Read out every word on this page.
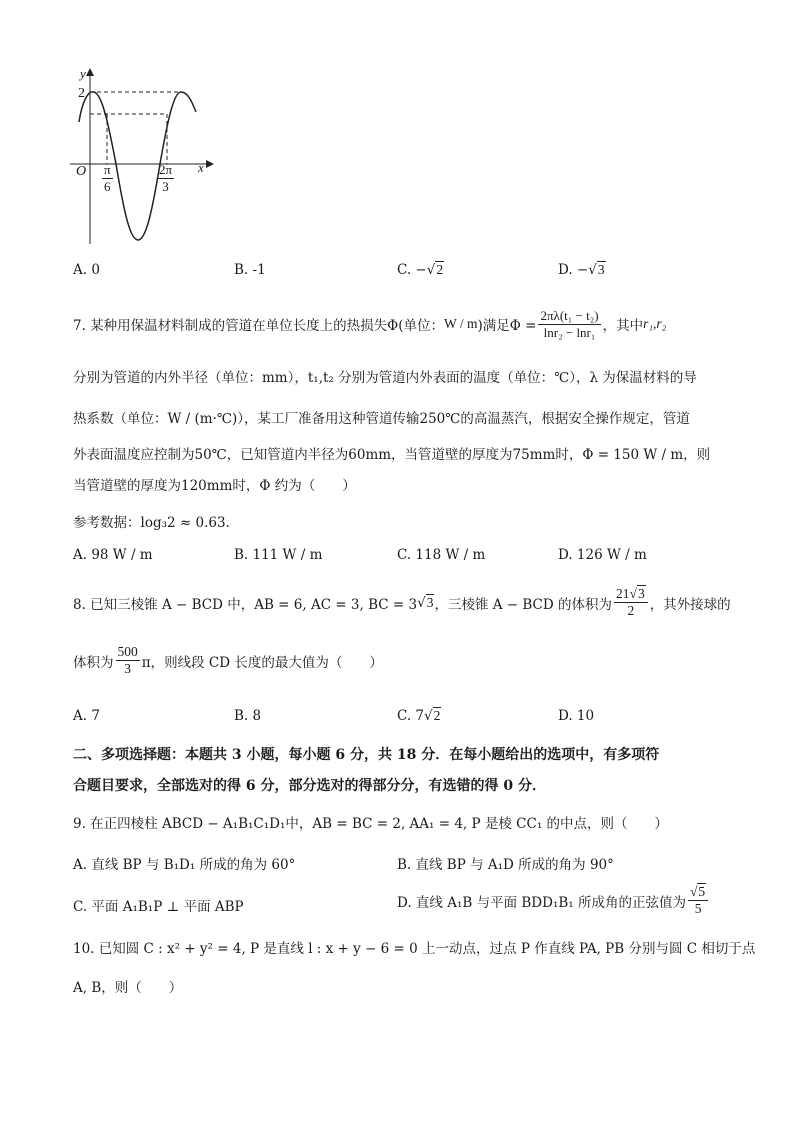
y
2
O	x
$\frac{\pi}{6}$	$\frac{2\pi}{3}$
A. 0	B. -1	C. −√2	D. −√3
7. 某种用保温材料制成的管道在单位长度上的热损失Φ(单位： W / m )满足$\Phi = \frac{\text{2πλ(t₁ − t₂)}}{\text{lnr₂ − lnr₁}}$ ，其中 r₁,r₂
分别为管道的内外半径（单位：mm），t₁,t₂ 分别为管道内外表面的温度（单位：℃），λ 为保温材料的导
热系数（单位：W / (m·℃)），某工厂准备用这种管道传输250℃的高温蒸汽，根据安全操作规定，管道
外表面温度应控制为50℃，已知管道内半径为60mm，当管道壁的厚度为75mm时，Φ = 150 W / m，则
当管道壁的厚度为120mm时，Φ 约为（　　）
参考数据：log₃2 ≈ 0.63.
A. 98 W / m	B. 111 W / m	C. 118 W / m	D. 126 W / m
8. 已知三棱锥 A − BCD 中，AB = 6, AC = 3, BC = 3 √ 3 ，三棱锥 A − BCD 的体积为 $\frac{21√3}{2}$ ，其外接球的
体积为 $\frac{500}{3}$ π，则线段 CD 长度的最大值为（　　）
A. 7	B. 8	C. 7√2	D. 10
二、多项选择题：本题共 3 小题，每小题 6 分，共 18 分．在每小题给出的选项中，有多项符
合题目要求，全部选对的得 6 分，部分选对的得部分分，有选错的得 0 分．
9. 在正四棱柱 ABCD − A₁B₁C₁D₁中，AB = BC = 2, AA₁ = 4, P 是棱 CC₁ 的中点，则（　　）
A. 直线 BP 与 B₁D₁ 所成的角为 60°	B. 直线 BP 与 A₁D 所成的角为 90°
C. 平面 A₁B₁P ⊥ 平面 ABP	D. 直线 A₁B 与平面 BDD₁B₁ 所成角的正弦值为 $\frac{√5}{5}$
10. 已知圆 C : x² + y² = 4, P 是直线 l : x + y − 6 = 0 上一动点，过点 P 作直线 PA, PB 分别与圆 C 相切于点
A, B，则（　　）
